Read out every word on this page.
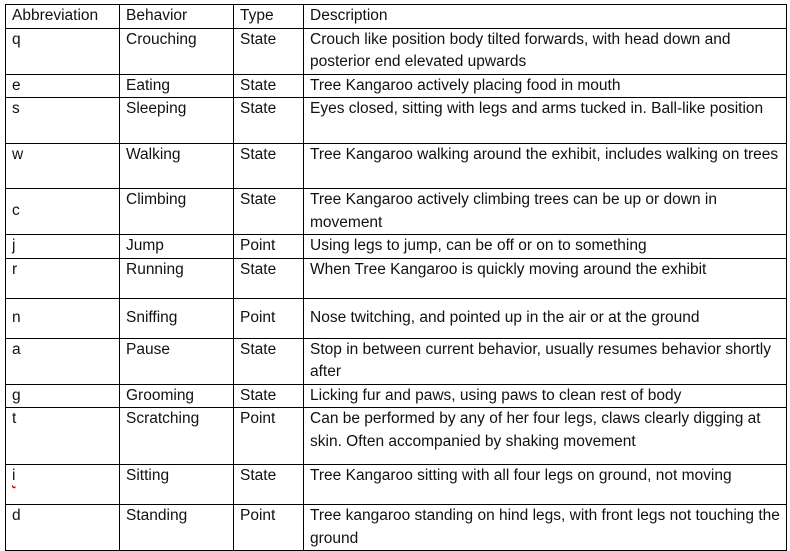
Abbreviation	Behavior	Type	Description
q	Crouching	State	Crouch like position body tilted forwards, with head down and posterior end elevated upwards
e	Eating	State	Tree Kangaroo actively placing food in mouth
s	Sleeping	State	Eyes closed, sitting with legs and arms tucked in. Ball-like position
w	Walking	State	Tree Kangaroo walking around the exhibit, includes walking on trees
c	Climbing	State	Tree Kangaroo actively climbing trees can be up or down in movement
j	Jump	Point	Using legs to jump, can be off or on to something
r	Running	State	When Tree Kangaroo is quickly moving around the exhibit
n	Sniffing	Point	Nose twitching, and pointed up in the air or at the ground
a	Pause	State	Stop in between current behavior, usually resumes behavior shortly after
g	Grooming	State	Licking fur and paws, using paws to clean rest of body
t	Scratching	Point	Can be performed by any of her four legs, claws clearly digging at skin. Often accompanied by shaking movement
i	Sitting	State	Tree Kangaroo sitting with all four legs on ground, not moving
d	Standing	Point	Tree kangaroo standing on hind legs, with front legs not touching the ground
